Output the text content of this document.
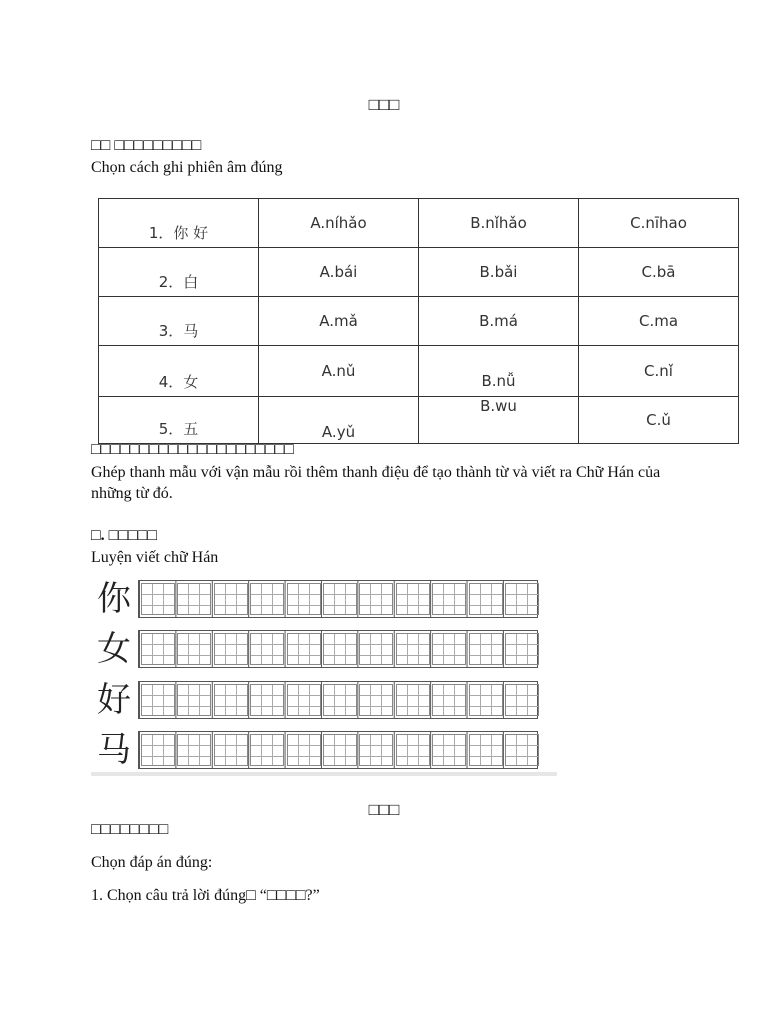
□□□
□□ □□□□□□□□□
Chọn cách ghi phiên âm đúng
1．你 好	A.níhǎo	B.nǐhǎo	C.nīhao
2．白	A.bái	B.bǎi	C.bā
3．马	A.mǎ	B.má	C.ma
4．女	A.nǔ	B.nǚ	C.nǐ
5．五	A.yǔ	B.wu	C.ǔ
□□□□□□□□□□□□□□□□□□□□□
Ghép thanh mẫu với vận mẫu rồi thêm thanh điệu để tạo thành từ và viết ra Chữ Hán của những từ đó.
□. □□□□□
Luyện viết chữ Hán
你
女
好
马
□□□
□□□□□□□□
Chọn đáp án đúng:
1. Chọn câu trả lời đúng□ “□□□□?”
